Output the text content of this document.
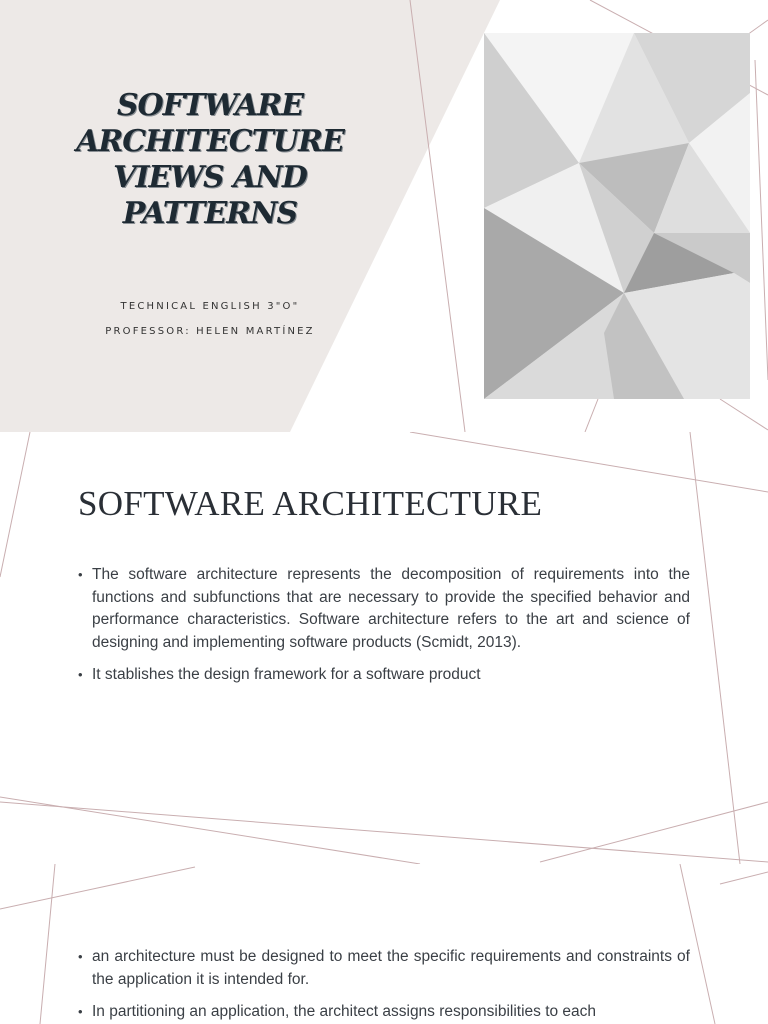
SOFTWARE
ARCHITECTURE
VIEWS AND
PATTERNS
TECHNICAL ENGLISH 3"O"
PROFESSOR: HELEN MARTÍNEZ
SOFTWARE ARCHITECTURE
• The software architecture represents the decomposition of requirements into the functions and subfunctions that are necessary to provide the specified behavior and performance characteristics. Software architecture refers to the art and science of designing and implementing software products (Scmidt, 2013).
• It stablishes the design framework for a software product
• an architecture must be designed to meet the specific requirements and constraints of the application it is intended for.
• In partitioning an application, the architect assigns responsibilities to each
